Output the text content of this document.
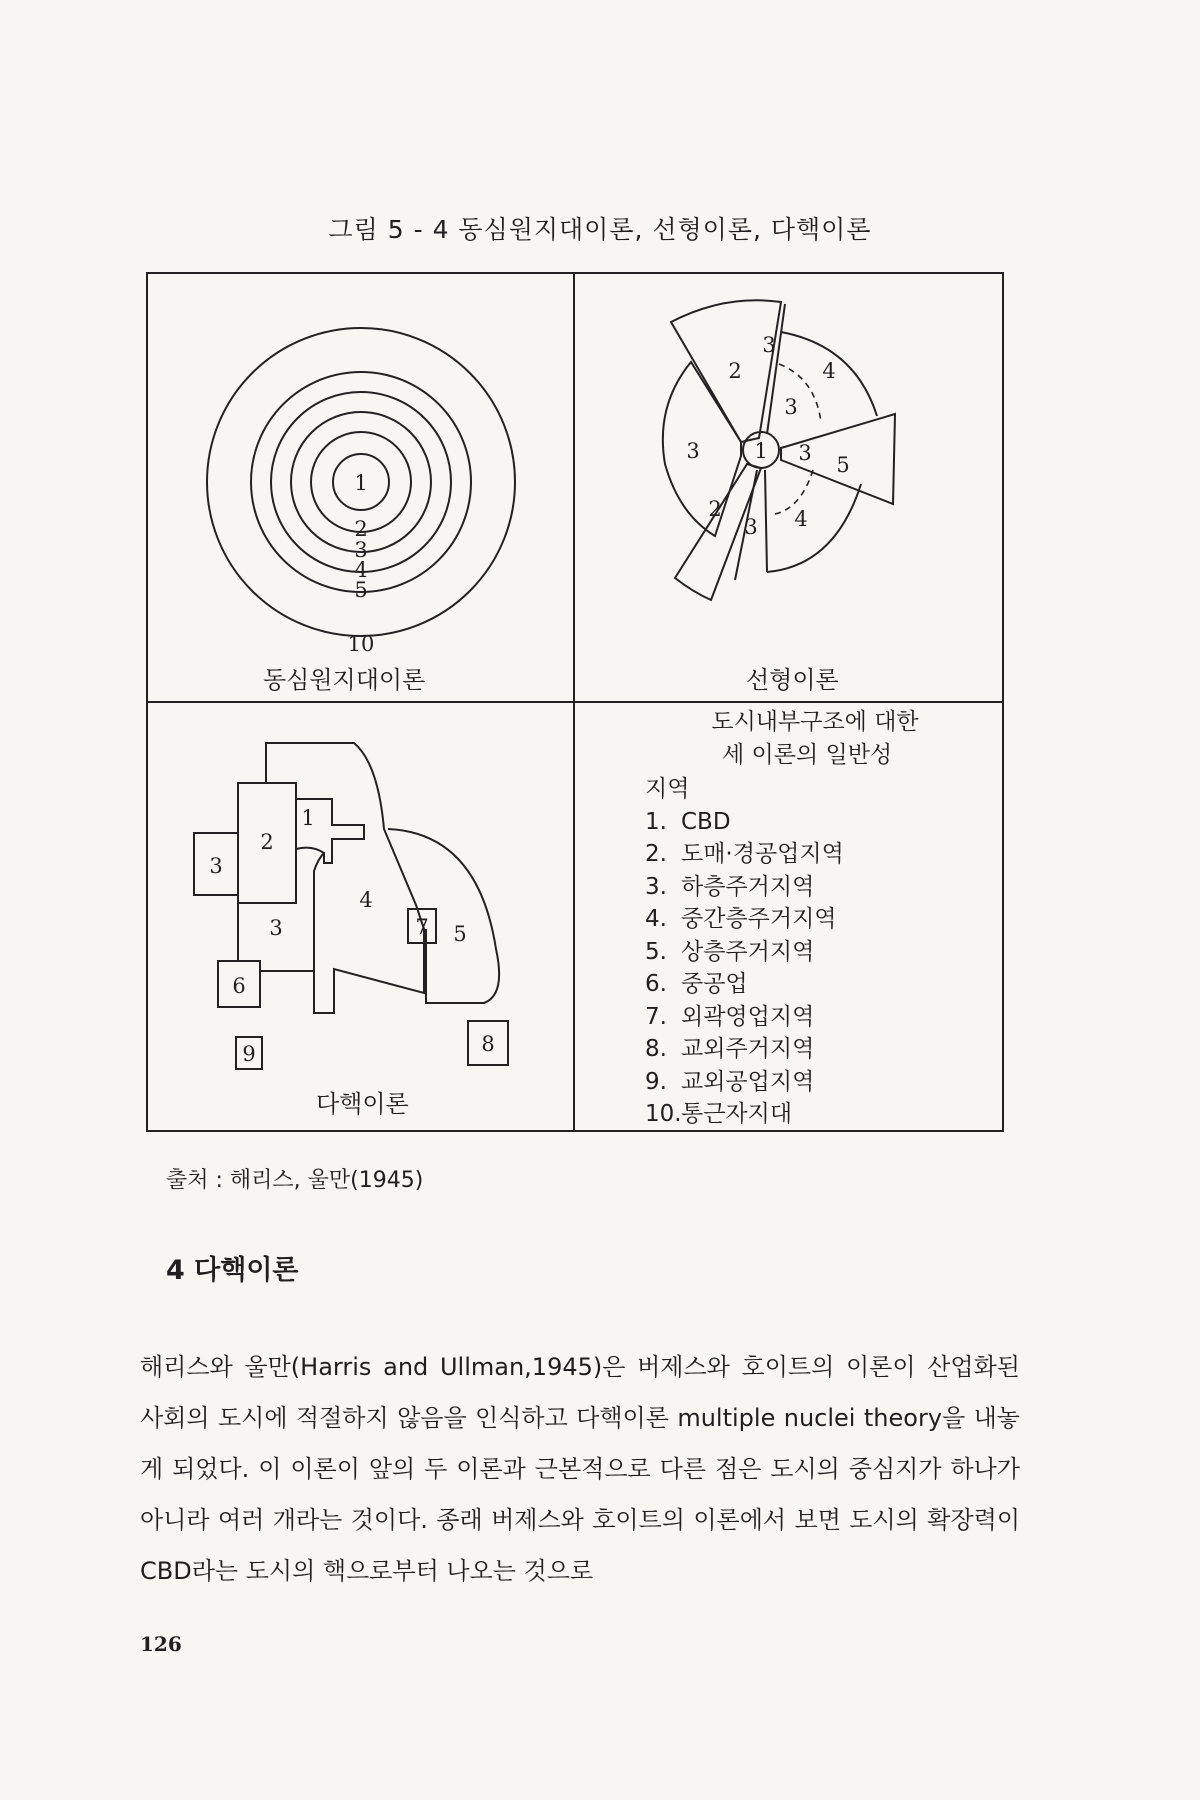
그림 5 - 4 동심원지대이론, 선형이론, 다핵이론
1
2
3
4
5
10
동심원지대이론
1
2
2
3
3
3
3
3
4
4
5
선형이론
1
2
3
3
4
5
6
7
8
9
다핵이론
도시내부구조에 대한
세 이론의 일반성
지역
1. CBD
2. 도매·경공업지역
3. 하층주거지역
4. 중간층주거지역
5. 상층주거지역
6. 중공업
7. 외곽영업지역
8. 교외주거지역
9. 교외공업지역
10.통근자지대
출처 : 해리스, 울만(1945)
4 다핵이론

해리스와 울만(Harris and Ullman,1945)은 버제스와 호이트의 이론이 산업화된 사회의 도시에 적절하지 않음을 인식하고 다핵이론 multiple nuclei theory을 내놓게 되었다. 이 이론이 앞의 두 이론과 근본적으로 다른 점은 도시의 중심지가 하나가 아니라 여러 개라는 것이다. 종래 버제스와 호이트의 이론에서 보면 도시의 확장력이 CBD라는 도시의 핵으로부터 나오는 것으로

126
